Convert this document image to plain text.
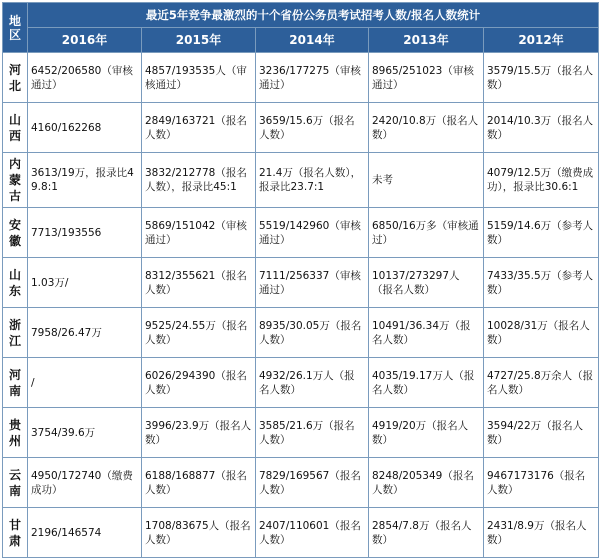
地区	最近5年竞争最激烈的十个省份公务员考试招考人数/报名人数统计				
	2016年	2015年	2014年	2013年	2012年
河北	6452/206580（审核通过）	4857/193535人（审核通过）	3236/177275（审核通过）	8965/251023（审核通过）	3579/15.5万（报名人数）
山西	4160/162268	2849/163721（报名人数）	3659/15.6万（报名人数）	2420/10.8万（报名人数）	2014/10.3万（报名人数）
内蒙古	3613/19万，报录比49.8:1	3832/212778（报名人数），报录比45:1	21.4万（报名人数），报录比23.7:1	未考	4079/12.5万（缴费成功），报录比30.6:1
安徽	7713/193556	5869/151042（审核通过）	5519/142960（审核通过）	6850/16万多（审核通过）	5159/14.6万（参考人数）
山东	1.03万/	8312/355621（报名人数）	7111/256337（审核通过）	10137/273297人（报名人数）	7433/35.5万（参考人数）
浙江	7958/26.47万	9525/24.55万（报名人数）	8935/30.05万（报名人数）	10491/36.34万（报名人数）	10028/31万（报名人数）
河南	/	6026/294390（报名人数）	4932/26.1万人（报名人数）	4035/19.17万人（报名人数）	4727/25.8万余人（报名人数）
贵州	3754/39.6万	3996/23.9万（报名人数）	3585/21.6万（报名人数）	4919/20万（报名人数）	3594/22万（报名人数）
云南	4950/172740（缴费成功）	6188/168877（报名人数）	7829/169567（报名人数）	8248/205349（报名人数）	9467173176（报名人数）
甘肃	2196/146574	1708/83675人（报名人数）	2407/110601（报名人数）	2854/7.8万（报名人数）	2431/8.9万（报名人数）
